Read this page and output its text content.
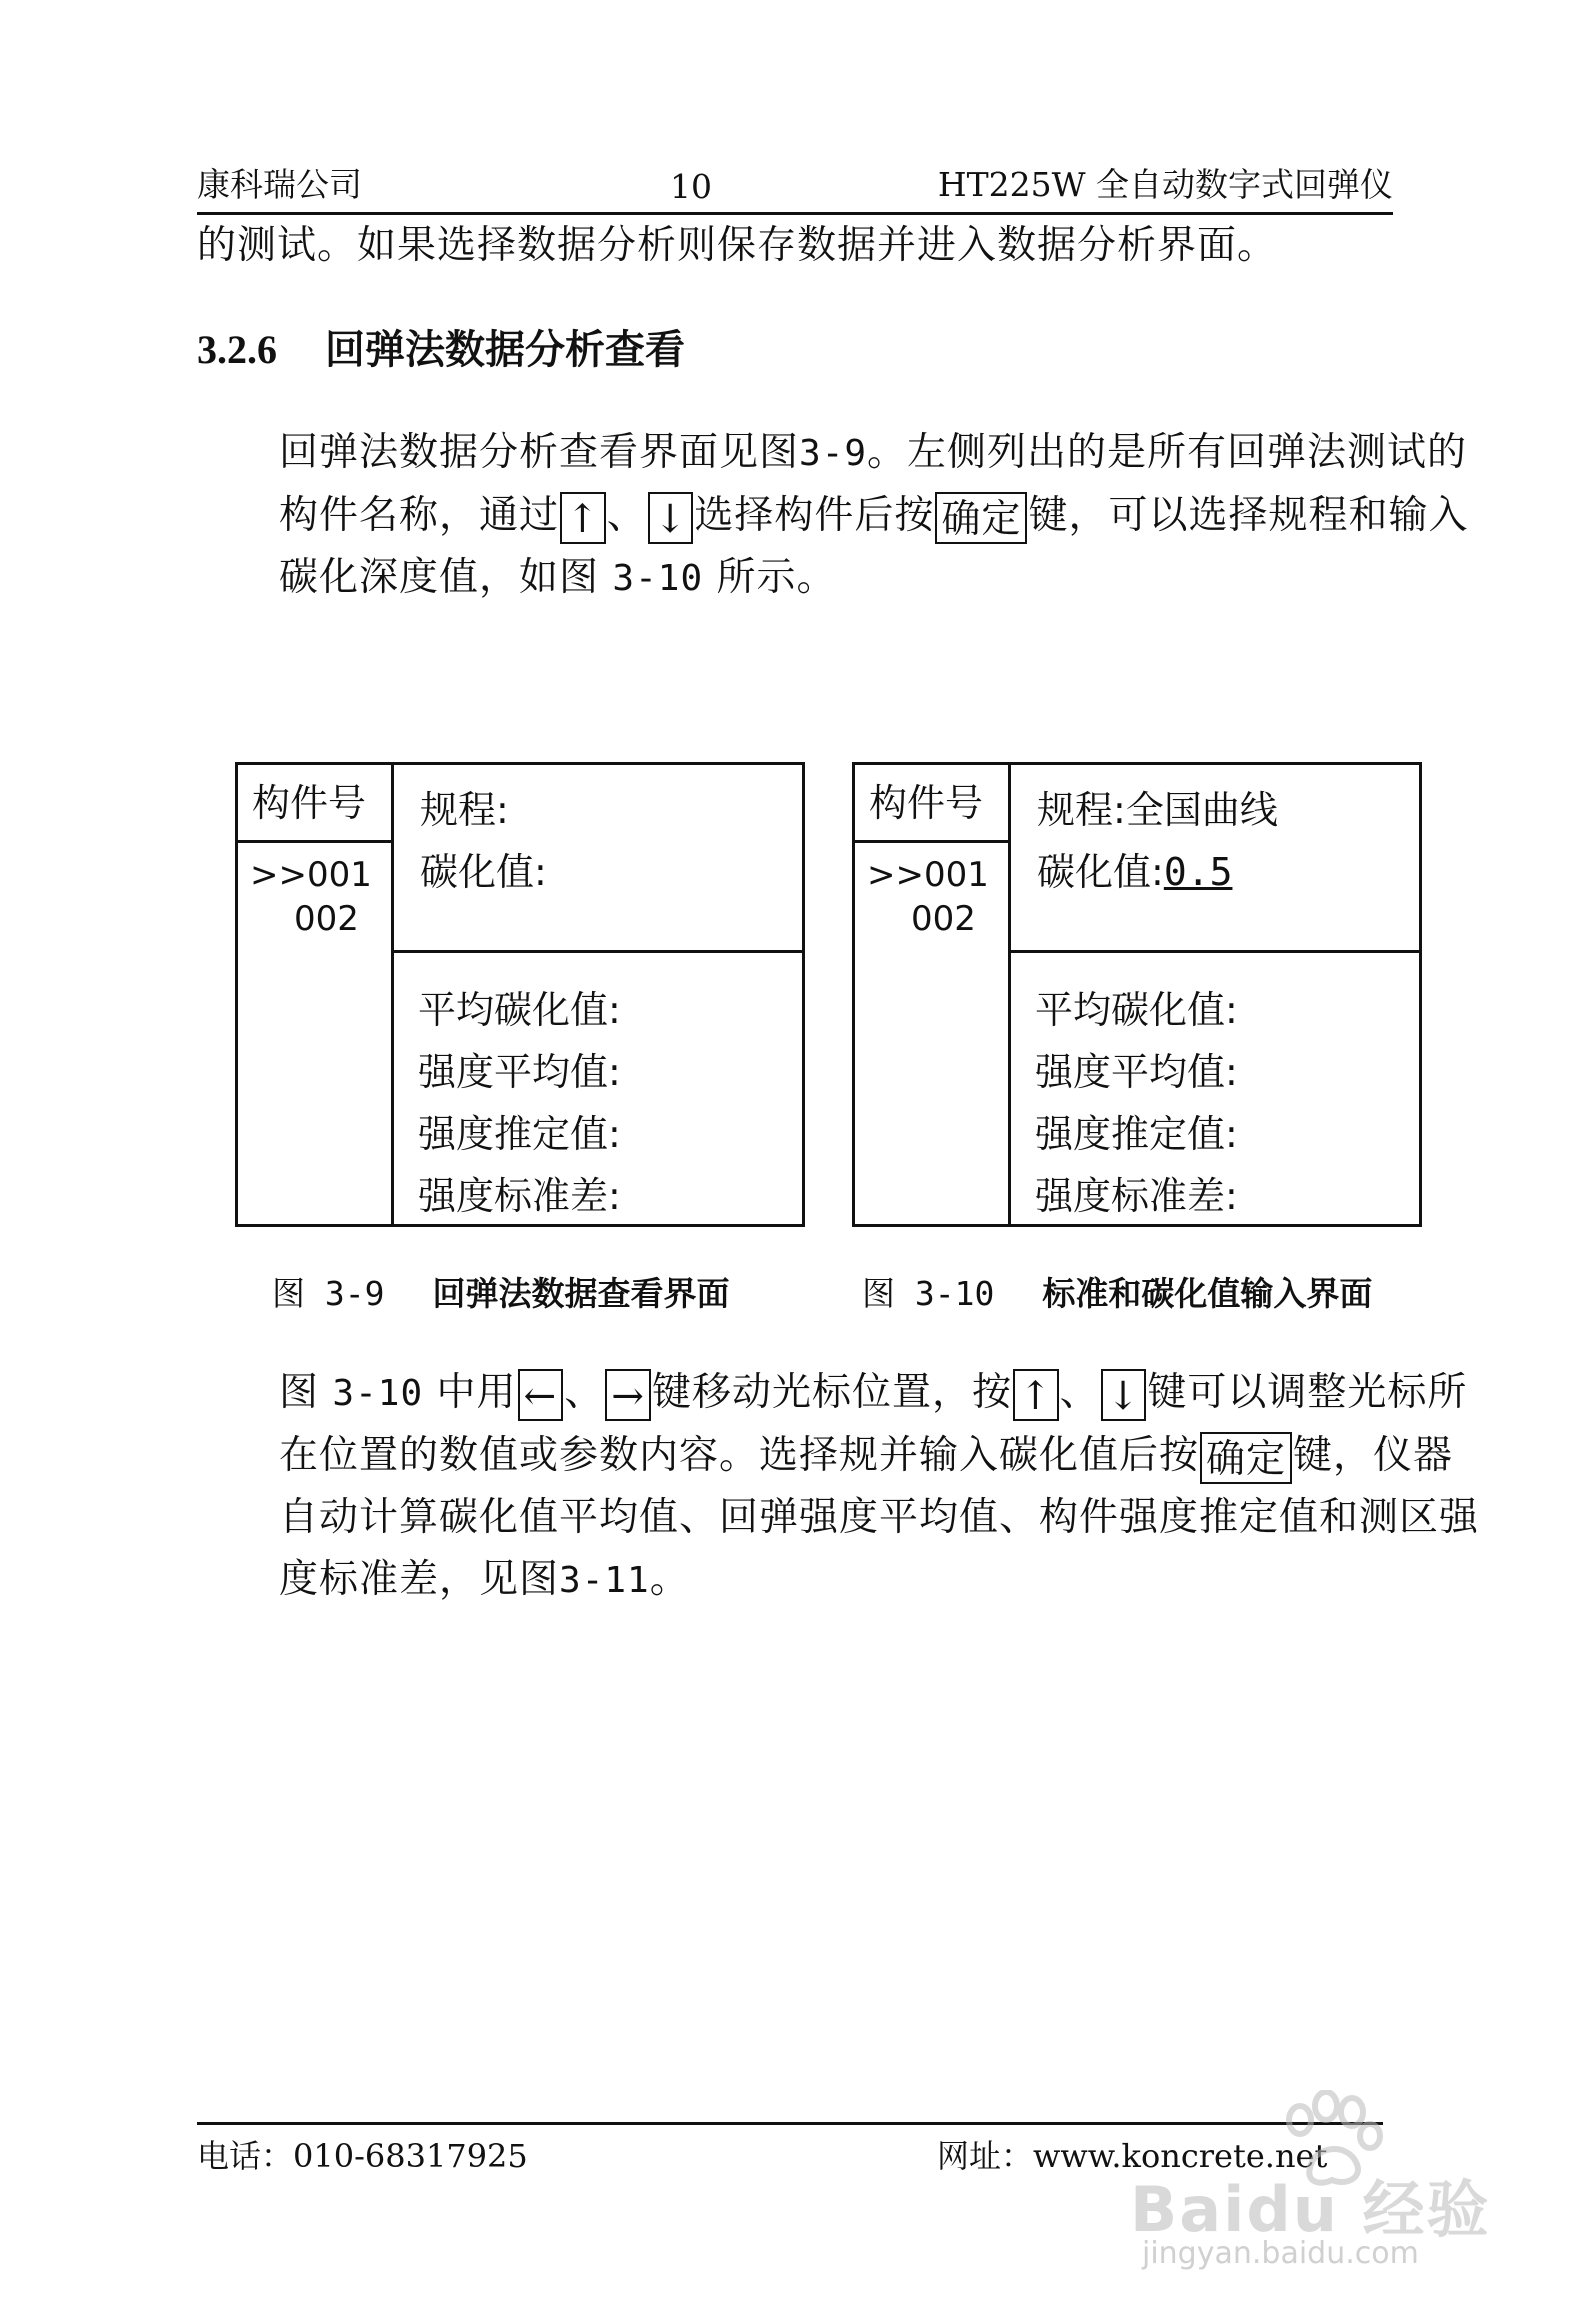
康科瑞公司	10	HT225W 全自动数字式回弹仪
的测试。如果选择数据分析则保存数据并进入数据分析界面。
3.2.6 回弹法数据分析查看
回弹法数据分析查看界面见图3-9。左侧列出的是所有回弹法测试的构件名称，通过 ↑ 、 ↓ 选择构件后按 确定 键，可以选择规程和输入碳化深度值，如图 3-10 所示。
构件号
>>001
002
规程:
碳化值:
平均碳化值:
强度平均值:
强度推定值:
强度标准差:
构件号
>>001
002
规程:全国曲线
碳化值:0.5
平均碳化值:
强度平均值:
强度推定值:
强度标准差:
图 3-9 回弹法数据查看界面	图 3-10 标准和碳化值输入界面
图 3-10 中用 ← 、 → 键移动光标位置，按 ↑ 、 ↓ 键可以调整光标所在位置的数值或参数内容。选择规并输入碳化值后按 确定 键，仪器自动计算碳化值平均值、回弹强度平均值、构件强度推定值和测区强度标准差，见图3-11。
电话：010-68317925	网址：www.koncrete.net
Baidu 经验
jingyan.baidu.com
